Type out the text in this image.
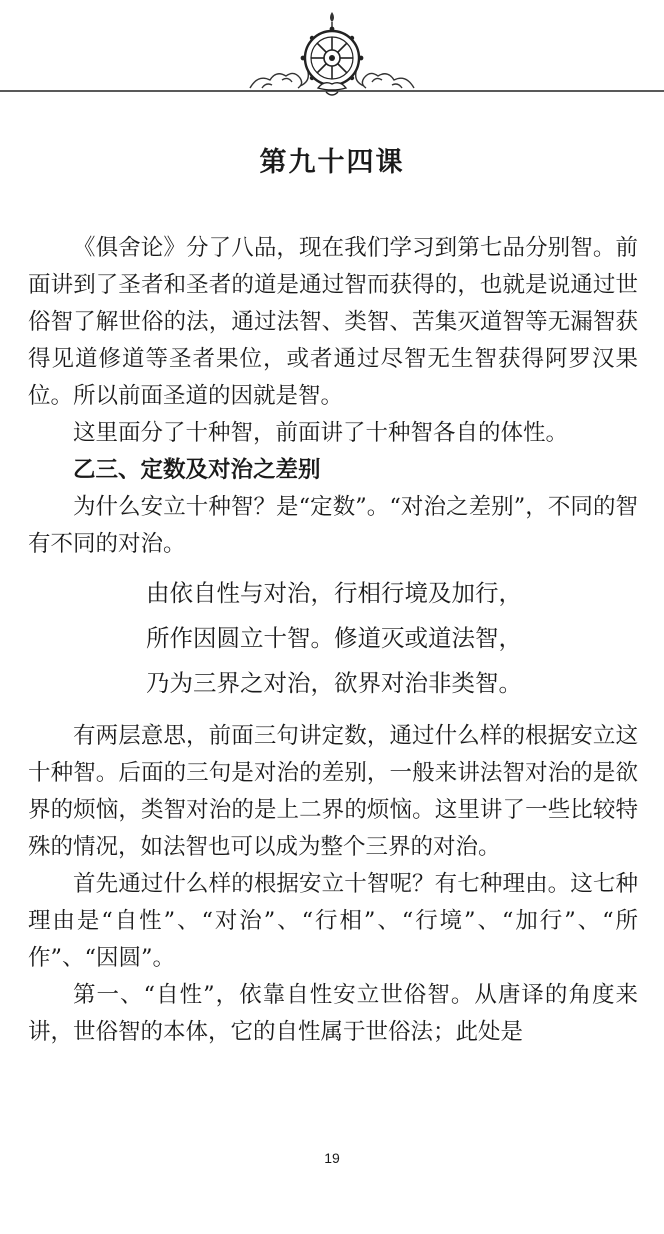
第九十四课

《俱舍论》分了八品，现在我们学习到第七品分别智。前面讲到了圣者和圣者的道是通过智而获得的，也就是说通过世俗智了解世俗的法，通过法智、类智、苦集灭道智等无漏智获得见道修道等圣者果位，或者通过尽智无生智获得阿罗汉果位。所以前面圣道的因就是智。

这里面分了十种智，前面讲了十种智各自的体性。

乙三、定数及对治之差别

为什么安立十种智？是“定数”。“对治之差别”，不同的智有不同的对治。

由依自性与对治，行相行境及加行，
所作因圆立十智。修道灭或道法智，
乃为三界之对治，欲界对治非类智。

有两层意思，前面三句讲定数，通过什么样的根据安立这十种智。后面的三句是对治的差别，一般来讲法智对治的是欲界的烦恼，类智对治的是上二界的烦恼。这里讲了一些比较特殊的情况，如法智也可以成为整个三界的对治。

首先通过什么样的根据安立十智呢？有七种理由。这七种理由是“自性”、“对治”、“行相”、“行境”、“加行”、“所作”、“因圆”。

第一、“自性”，依靠自性安立世俗智。从唐译的角度来讲，世俗智的本体，它的自性属于世俗法；此处是

19
